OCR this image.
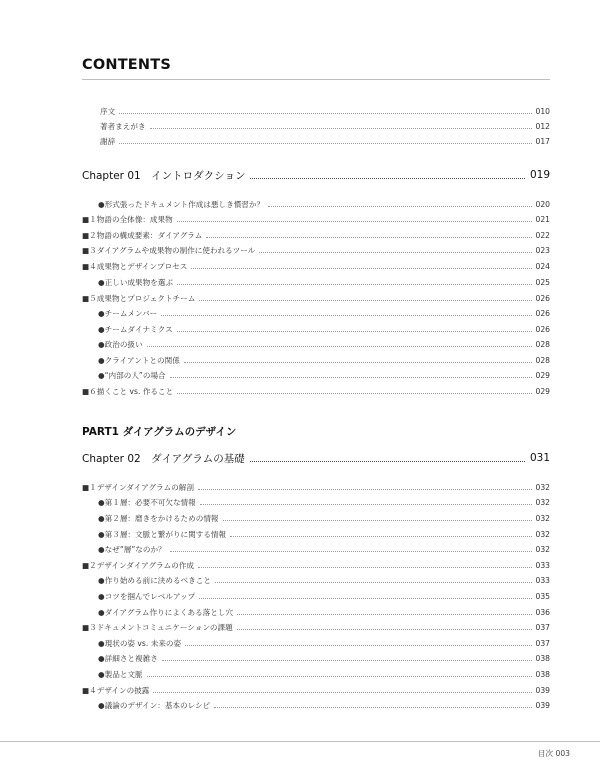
CONTENTS
序文	010
著者まえがき	012
謝辞	017
Chapter 01　イントロダクション	019
●形式張ったドキュメント作成は悪しき慣習か？	020
■１物語の全体像：成果物	021
■２物語の構成要素：ダイアグラム	022
■３ダイアグラムや成果物の制作に使われるツール	023
■４成果物とデザインプロセス	024
●正しい成果物を選ぶ	025
■５成果物とプロジェクトチーム	026
●チームメンバー	026
●チームダイナミクス	026
●政治の扱い	028
●クライアントとの関係	028
●“内部の人”の場合	029
■６描くこと vs. 作ること	029
PART1 ダイアグラムのデザイン
Chapter 02　ダイアグラムの基礎	031
■１デザインダイアグラムの解剖	032
●第１層：必要不可欠な情報	032
●第２層：磨きをかけるための情報	032
●第３層：文脈と繋がりに関する情報	032
●なぜ“層”なのか？	032
■２デザインダイアグラムの作成	033
●作り始める前に決めるべきこと	033
●コツを掴んでレベルアップ	035
●ダイアグラム作りによくある落とし穴	036
■３ドキュメントコミュニケーションの課題	037
●現状の姿 vs. 未来の姿	037
●詳細さと複雑さ	038
●製品と文脈	038
■４デザインの披露	039
●議論のデザイン：基本のレシピ	039
目次 003
